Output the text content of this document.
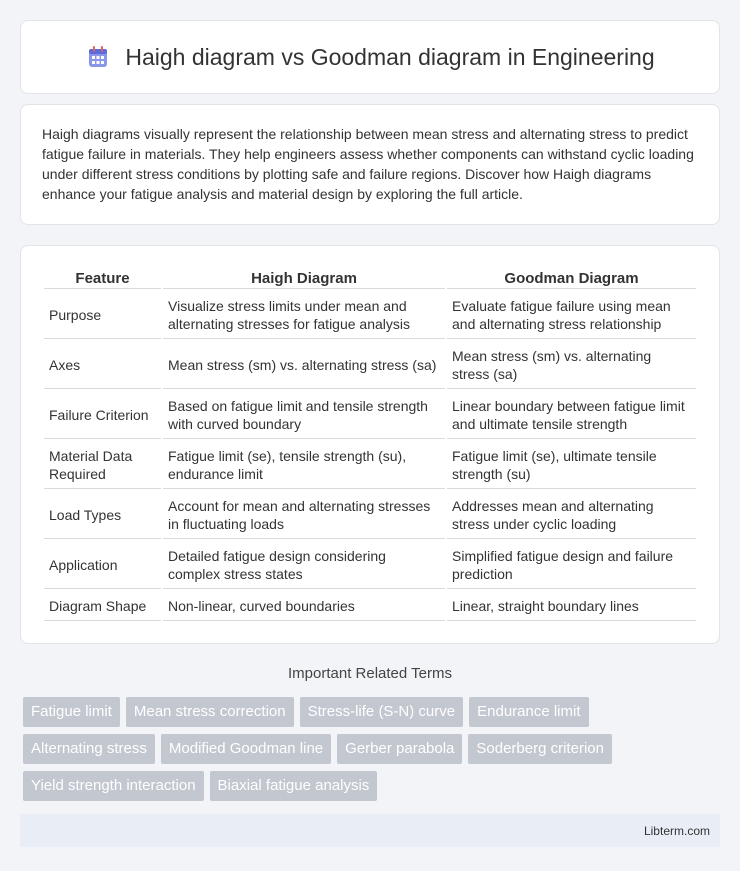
Haigh diagram vs Goodman diagram in Engineering

Haigh diagrams visually represent the relationship between mean stress and alternating stress to predict fatigue failure in materials. They help engineers assess whether components can withstand cyclic loading under different stress conditions by plotting safe and failure regions. Discover how Haigh diagrams enhance your fatigue analysis and material design by exploring the full article.

Feature	Haigh Diagram	Goodman Diagram
Purpose	Visualize stress limits under mean and alternating stresses for fatigue analysis	Evaluate fatigue failure using mean and alternating stress relationship
Axes	Mean stress (sm) vs. alternating stress (sa)	Mean stress (sm) vs. alternating stress (sa)
Failure Criterion	Based on fatigue limit and tensile strength with curved boundary	Linear boundary between fatigue limit and ultimate tensile strength
Material Data Required	Fatigue limit (se), tensile strength (su), endurance limit	Fatigue limit (se), ultimate tensile strength (su)
Load Types	Account for mean and alternating stresses in fluctuating loads	Addresses mean and alternating stress under cyclic loading
Application	Detailed fatigue design considering complex stress states	Simplified fatigue design and failure prediction
Diagram Shape	Non-linear, curved boundaries	Linear, straight boundary lines
Important Related Terms
Fatigue limit	Mean stress correction	Stress-life (S-N) curve	Endurance limit
Alternating stress	Modified Goodman line	Gerber parabola	Soderberg criterion
Yield strength interaction	Biaxial fatigue analysis
Libterm.com
